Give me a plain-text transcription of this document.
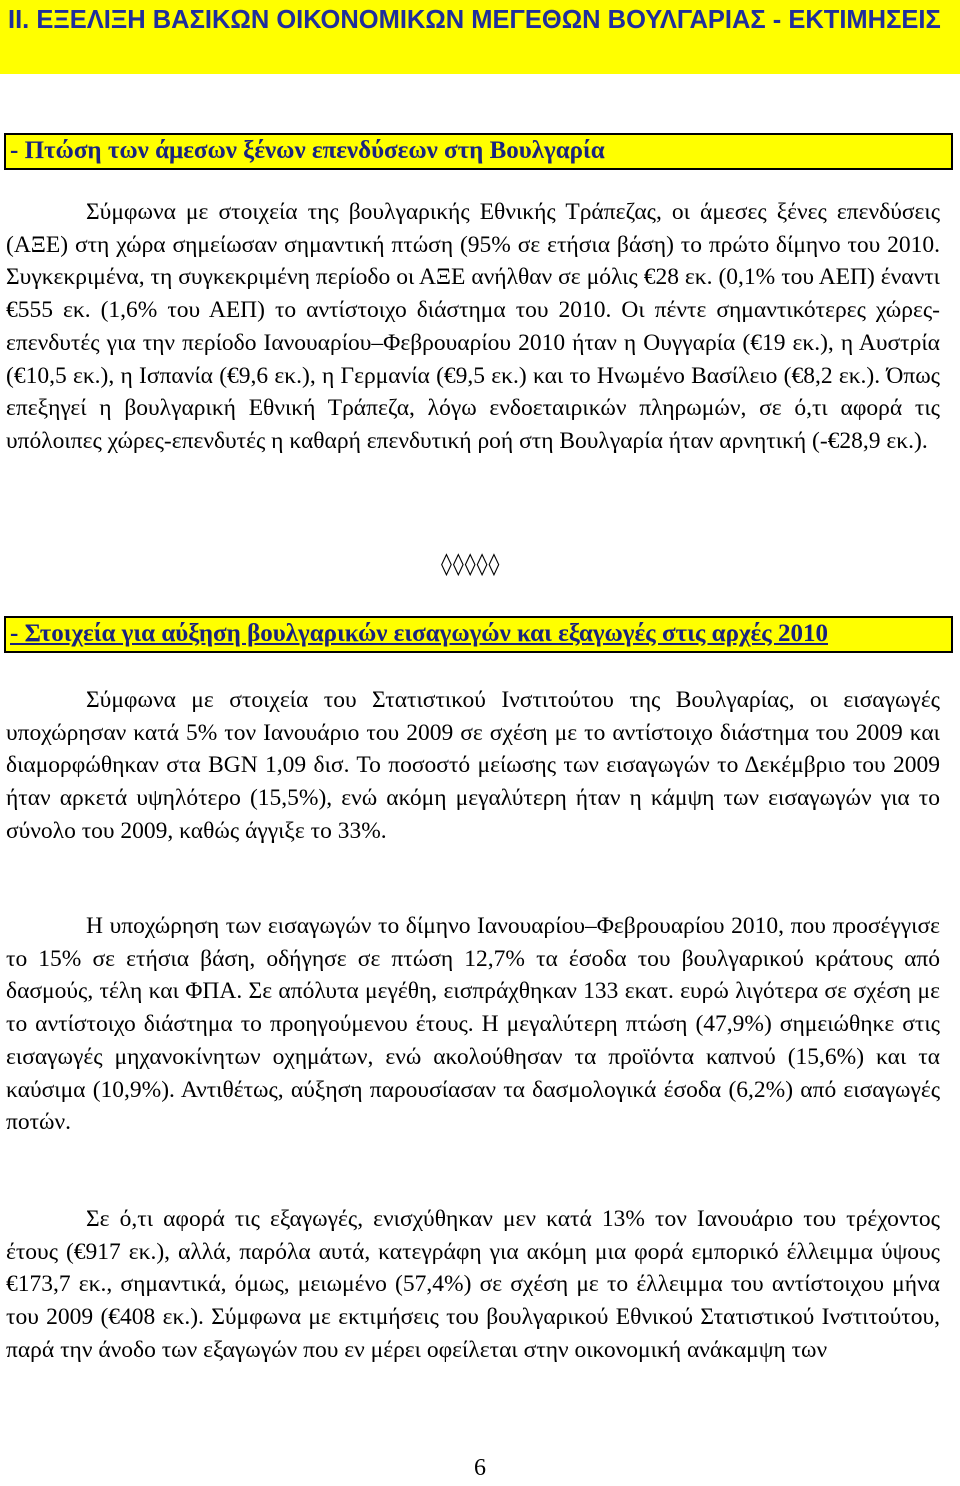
II. ΕΞΕΛΙΞΗ ΒΑΣΙΚΩΝ ΟΙΚΟΝΟΜΙΚΩΝ ΜΕΓΕΘΩΝ ΒΟΥΛΓΑΡΙΑΣ - ΕΚΤΙΜΗΣΕΙΣ
- Πτώση των άμεσων ξένων επενδύσεων στη Βουλγαρία

Σύμφωνα με στοιχεία της βουλγαρικής Εθνικής Τράπεζας, οι άμεσες ξένες επενδύσεις (ΑΞΕ) στη χώρα σημείωσαν σημαντική πτώση (95% σε ετήσια βάση) το πρώτο δίμηνο του 2010. Συγκεκριμένα, τη συγκεκριμένη περίοδο οι ΑΞΕ ανήλθαν σε μόλις €28 εκ. (0,1% του ΑΕΠ) έναντι €555 εκ. (1,6% του ΑΕΠ) το αντίστοιχο διάστημα του 2010. Οι πέντε σημαντικότερες χώρες-επενδυτές για την περίοδο Ιανουαρίου–Φεβρουαρίου 2010 ήταν η Ουγγαρία (€19 εκ.), η Αυστρία (€10,5 εκ.), η Ισπανία (€9,6 εκ.), η Γερμανία (€9,5 εκ.) και το Ηνωμένο Βασίλειο (€8,2 εκ.). Όπως επεξηγεί η βουλγαρική Εθνική Τράπεζα, λόγω ενδοεταιρικών πληρωμών, σε ό,τι αφορά τις υπόλοιπες χώρες-επενδυτές η καθαρή επενδυτική ροή στη Βουλγαρία ήταν αρνητική (-€28,9 εκ.).

◊◊◊◊◊
- Στοιχεία για αύξηση βουλγαρικών εισαγωγών και εξαγωγές στις αρχές 2010

Σύμφωνα με στοιχεία του Στατιστικού Ινστιτούτου της Βουλγαρίας, οι εισαγωγές υποχώρησαν κατά 5% τον Ιανουάριο του 2009 σε σχέση με το αντίστοιχο διάστημα του 2009 και διαμορφώθηκαν στα BGN 1,09 δισ. Το ποσοστό μείωσης των εισαγωγών το Δεκέμβριο του 2009 ήταν αρκετά υψηλότερο (15,5%), ενώ ακόμη μεγαλύτερη ήταν η κάμψη των εισαγωγών για το σύνολο του 2009, καθώς άγγιξε το 33%.

Η υποχώρηση των εισαγωγών το δίμηνο Ιανουαρίου–Φεβρουαρίου 2010, που προσέγγισε το 15% σε ετήσια βάση, οδήγησε σε πτώση 12,7% τα έσοδα του βουλγαρικού κράτους από δασμούς, τέλη και ΦΠΑ. Σε απόλυτα μεγέθη, εισπράχθηκαν 133 εκατ. ευρώ λιγότερα σε σχέση με το αντίστοιχο διάστημα το προηγούμενου έτους. Η μεγαλύτερη πτώση (47,9%) σημειώθηκε στις εισαγωγές μηχανοκίνητων οχημάτων, ενώ ακολούθησαν τα προϊόντα καπνού (15,6%) και τα καύσιμα (10,9%). Αντιθέτως, αύξηση παρουσίασαν τα δασμολογικά έσοδα (6,2%) από εισαγωγές ποτών.

Σε ό,τι αφορά τις εξαγωγές, ενισχύθηκαν μεν κατά 13% τον Ιανουάριο του τρέχοντος έτους (€917 εκ.), αλλά, παρόλα αυτά, κατεγράφη για ακόμη μια φορά εμπορικό έλλειμμα ύψους €173,7 εκ., σημαντικά, όμως, μειωμένο (57,4%) σε σχέση με το έλλειμμα του αντίστοιχου μήνα του 2009 (€408 εκ.). Σύμφωνα με εκτιμήσεις του βουλγαρικού Εθνικού Στατιστικού Ινστιτούτου, παρά την άνοδο των εξαγωγών που εν μέρει οφείλεται στην οικονομική ανάκαμψη των

6
